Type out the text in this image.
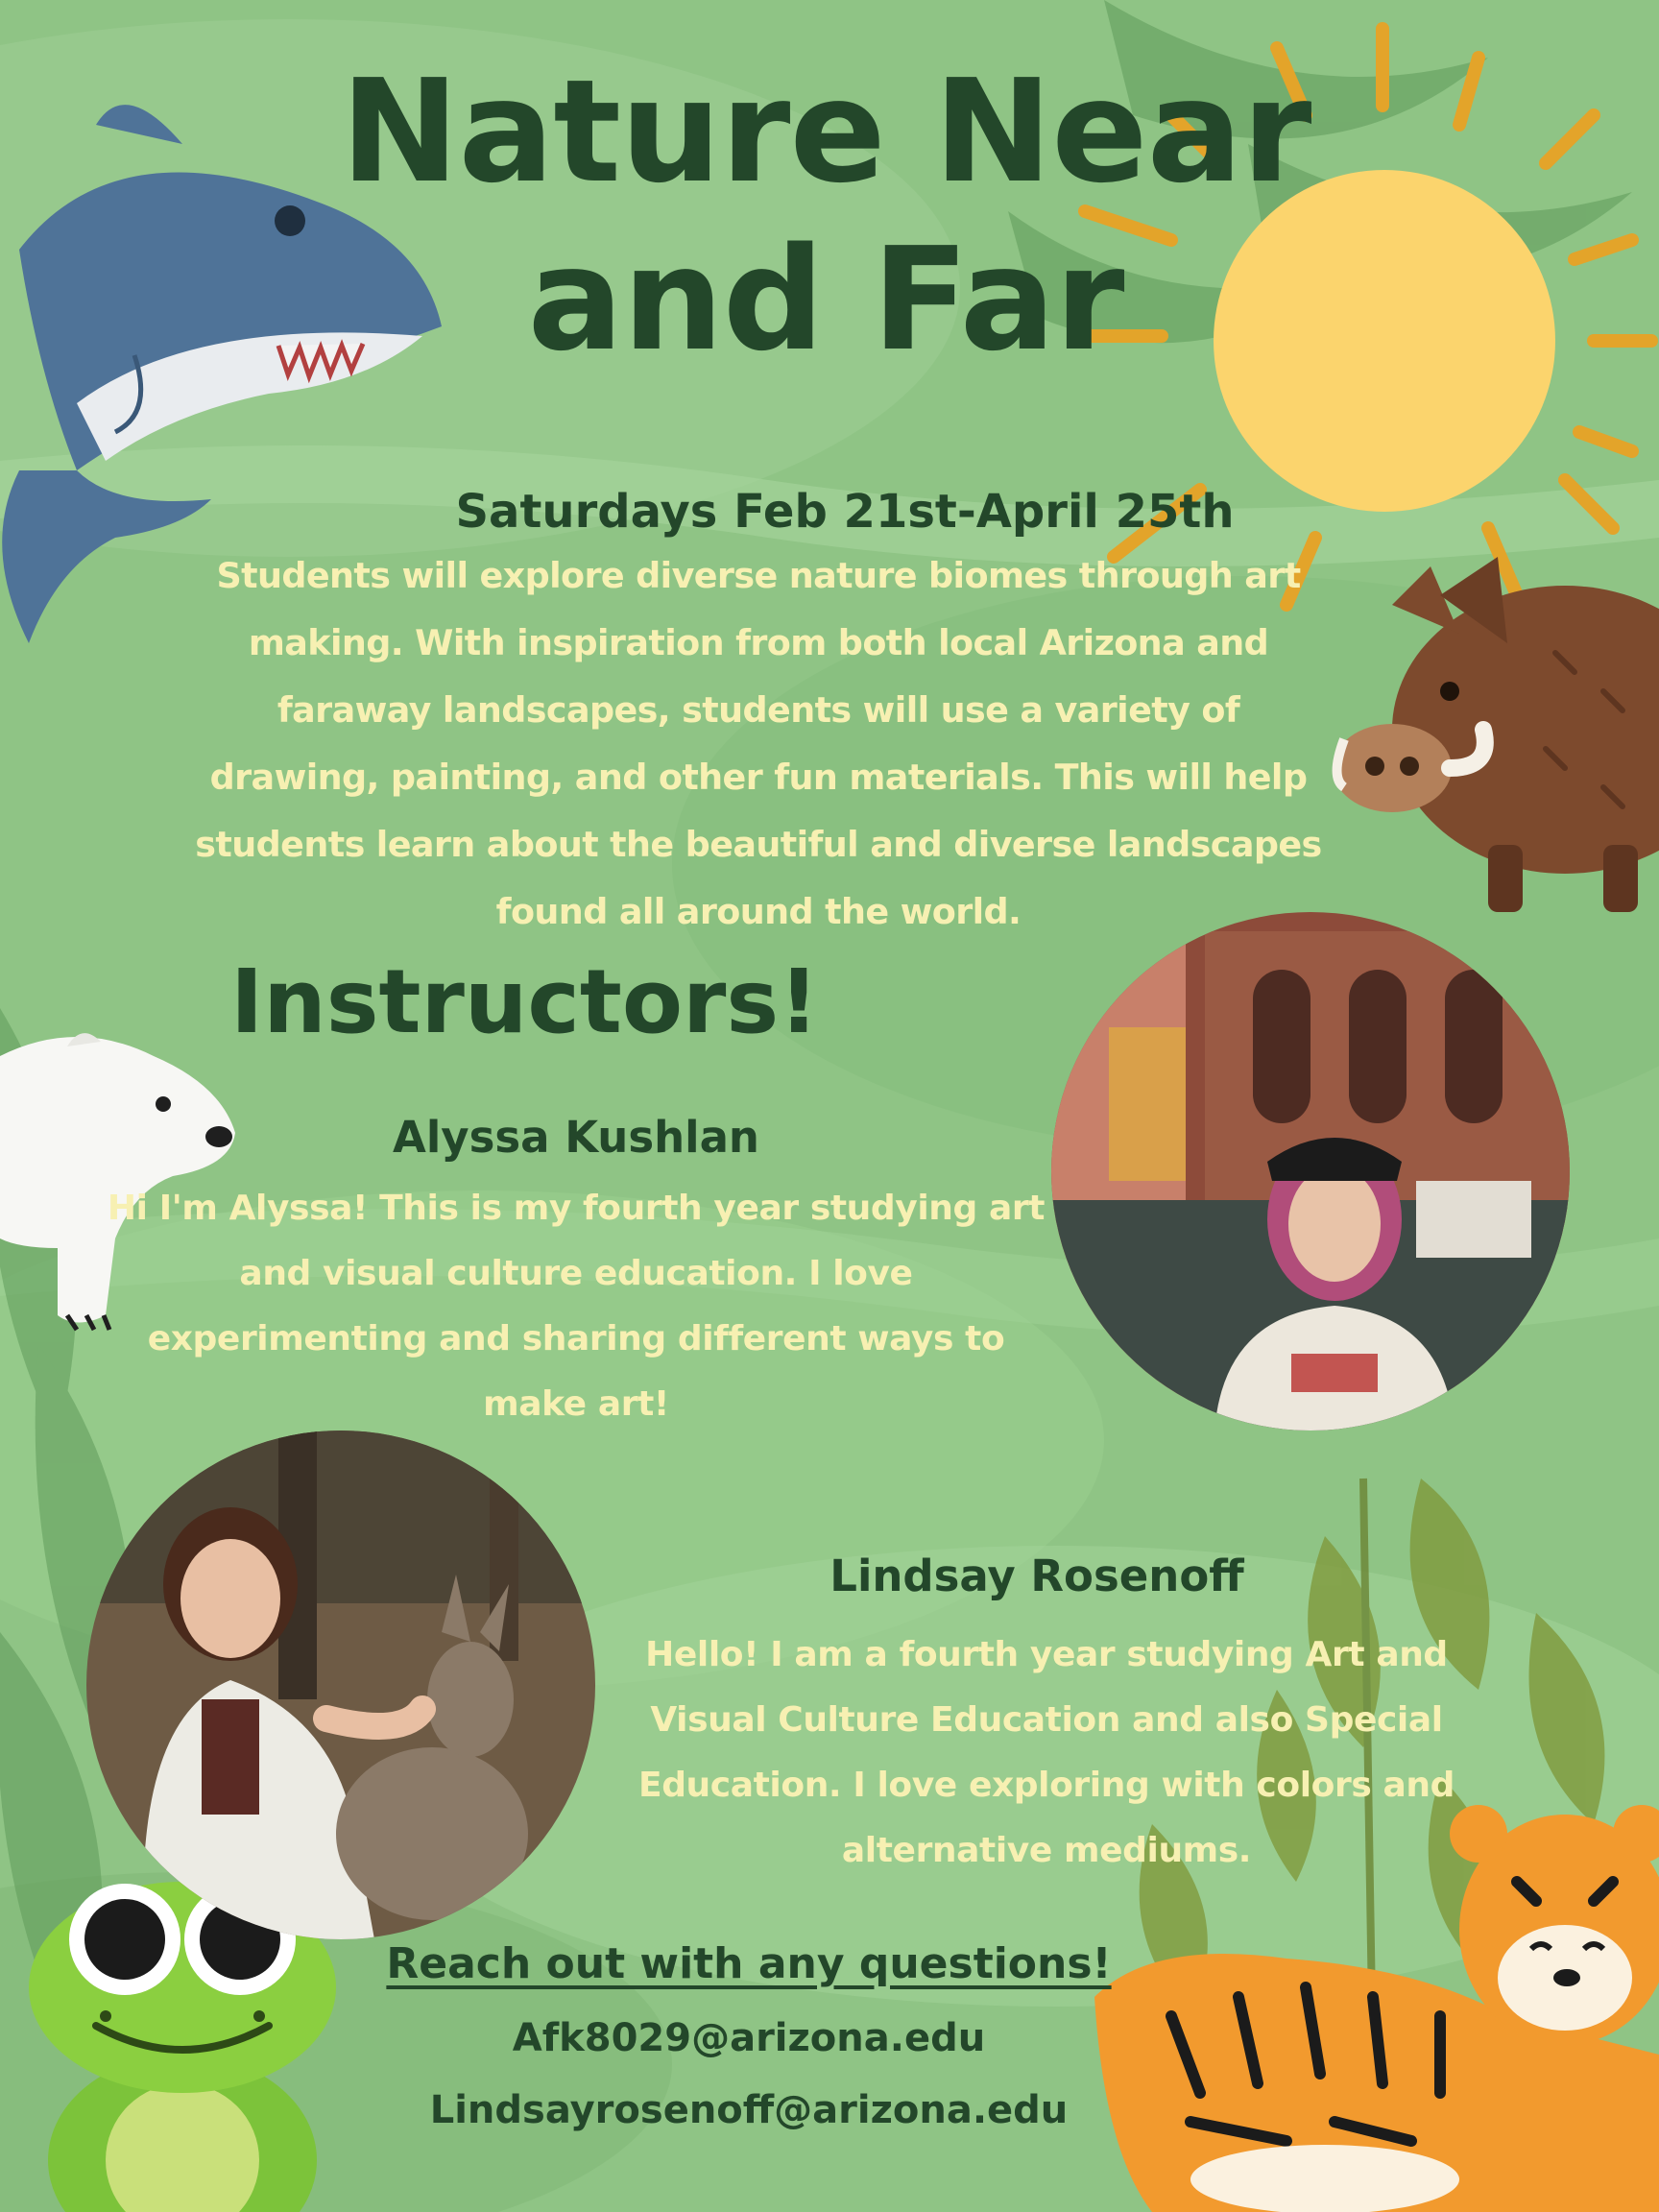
Nature Near
and Far
Saturdays Feb 21st-April 25th
Students will explore diverse nature biomes through art
making. With inspiration from both local Arizona and
faraway landscapes, students will use a variety of
drawing, painting, and other fun materials. This will help
students learn about the beautiful and diverse landscapes
found all around the world.
Instructors!
Alyssa Kushlan
Hi I'm Alyssa! This is my fourth year studying art
and visual culture education. I love
experimenting and sharing different ways to
make art!
Lindsay Rosenoff
Hello! I am a fourth year studying Art and
Visual Culture Education and also Special
Education. I love exploring with colors and
alternative mediums.
Reach out with any questions!
Afk8029@arizona.edu
Lindsayrosenoff@arizona.edu
